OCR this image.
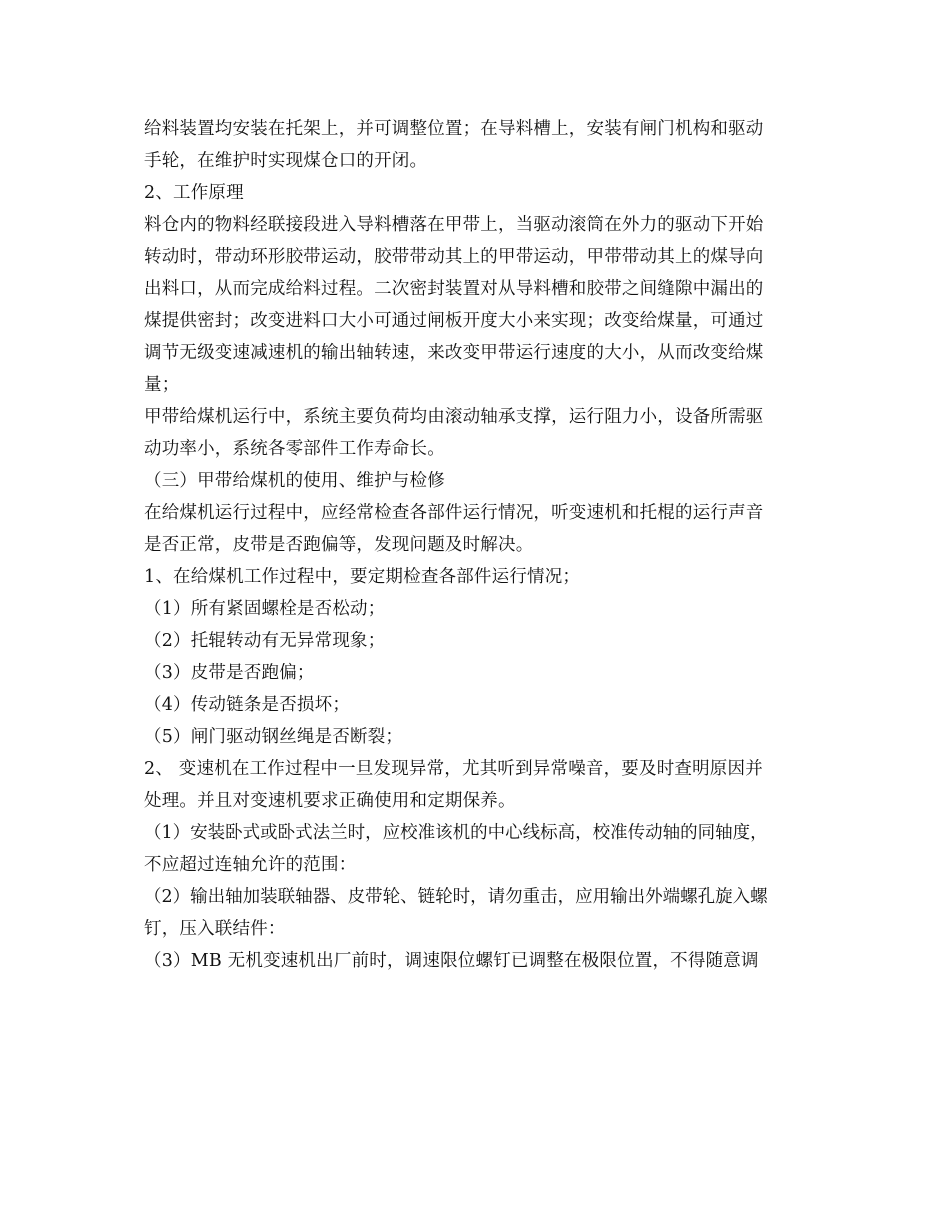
给料装置均安装在托架上，并可调整位置；在导料槽上，安装有闸门机构和驱动
手轮，在维护时实现煤仓口的开闭。
2、工作原理
料仓内的物料经联接段进入导料槽落在甲带上，当驱动滚筒在外力的驱动下开始
转动时，带动环形胶带运动，胶带带动其上的甲带运动，甲带带动其上的煤导向
出料口，从而完成给料过程。二次密封装置对从导料槽和胶带之间缝隙中漏出的
煤提供密封；改变进料口大小可通过闸板开度大小来实现；改变给煤量，可通过
调节无级变速减速机的输出轴转速，来改变甲带运行速度的大小，从而改变给煤
量；
甲带给煤机运行中，系统主要负荷均由滚动轴承支撑，运行阻力小，设备所需驱
动功率小，系统各零部件工作寿命长。
（三）甲带给煤机的使用、维护与检修
在给煤机运行过程中，应经常检查各部件运行情况，听变速机和托棍的运行声音
是否正常，皮带是否跑偏等，发现问题及时解决。
1、在给煤机工作过程中，要定期检查各部件运行情况；
（1）所有紧固螺栓是否松动；
（2）托辊转动有无异常现象；
（3）皮带是否跑偏；
（4）传动链条是否损坏；
（5）闸门驱动钢丝绳是否断裂；
2、 变速机在工作过程中一旦发现异常，尤其听到异常噪音，要及时查明原因并
处理。并且对变速机要求正确使用和定期保养。
（1）安装卧式或卧式法兰时，应校准该机的中心线标高，校准传动轴的同轴度，
不应超过连轴允许的范围：
（2）输出轴加装联轴器、皮带轮、链轮时，请勿重击，应用输出外端螺孔旋入螺
钉，压入联结件：
（3）MB 无机变速机出厂前时，调速限位螺钉已调整在极限位置，不得随意调
